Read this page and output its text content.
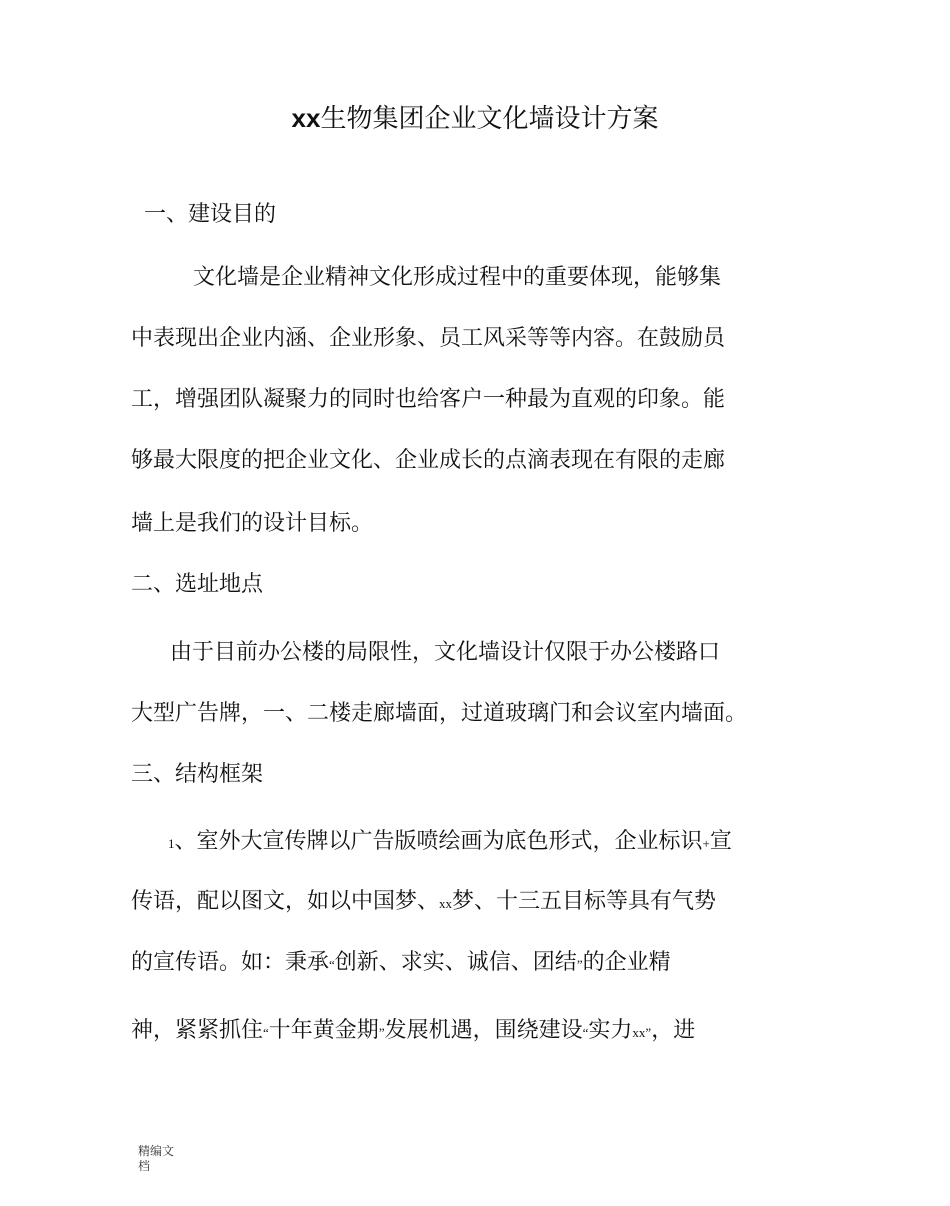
xx生物集团企业文化墙设计方案
一、建设目的
文化墙是企业精神文化形成过程中的重要体现，能够集
中表现出企业内涵、企业形象、员工风采等等内容。在鼓励员
工，增强团队凝聚力的同时也给客户一种最为直观的印象。能
够最大限度的把企业文化、企业成长的点滴表现在有限的走廊
墙上是我们的设计目标。
二、选址地点
由于目前办公楼的局限性，文化墙设计仅限于办公楼路口
大型广告牌，一、二楼走廊墙面，过道玻璃门和会议室内墙面。
三、结构框架
1、室外大宣传牌以广告版喷绘画为底色形式，企业标识+宣
传语，配以图文，如以中国梦、xx梦、十三五目标等具有气势
的宣传语。如：秉承“创新、求实、诚信、团结”的企业精
神，紧紧抓住“十年黄金期”发展机遇，围绕建设“实力xx”，进
精编文
档
